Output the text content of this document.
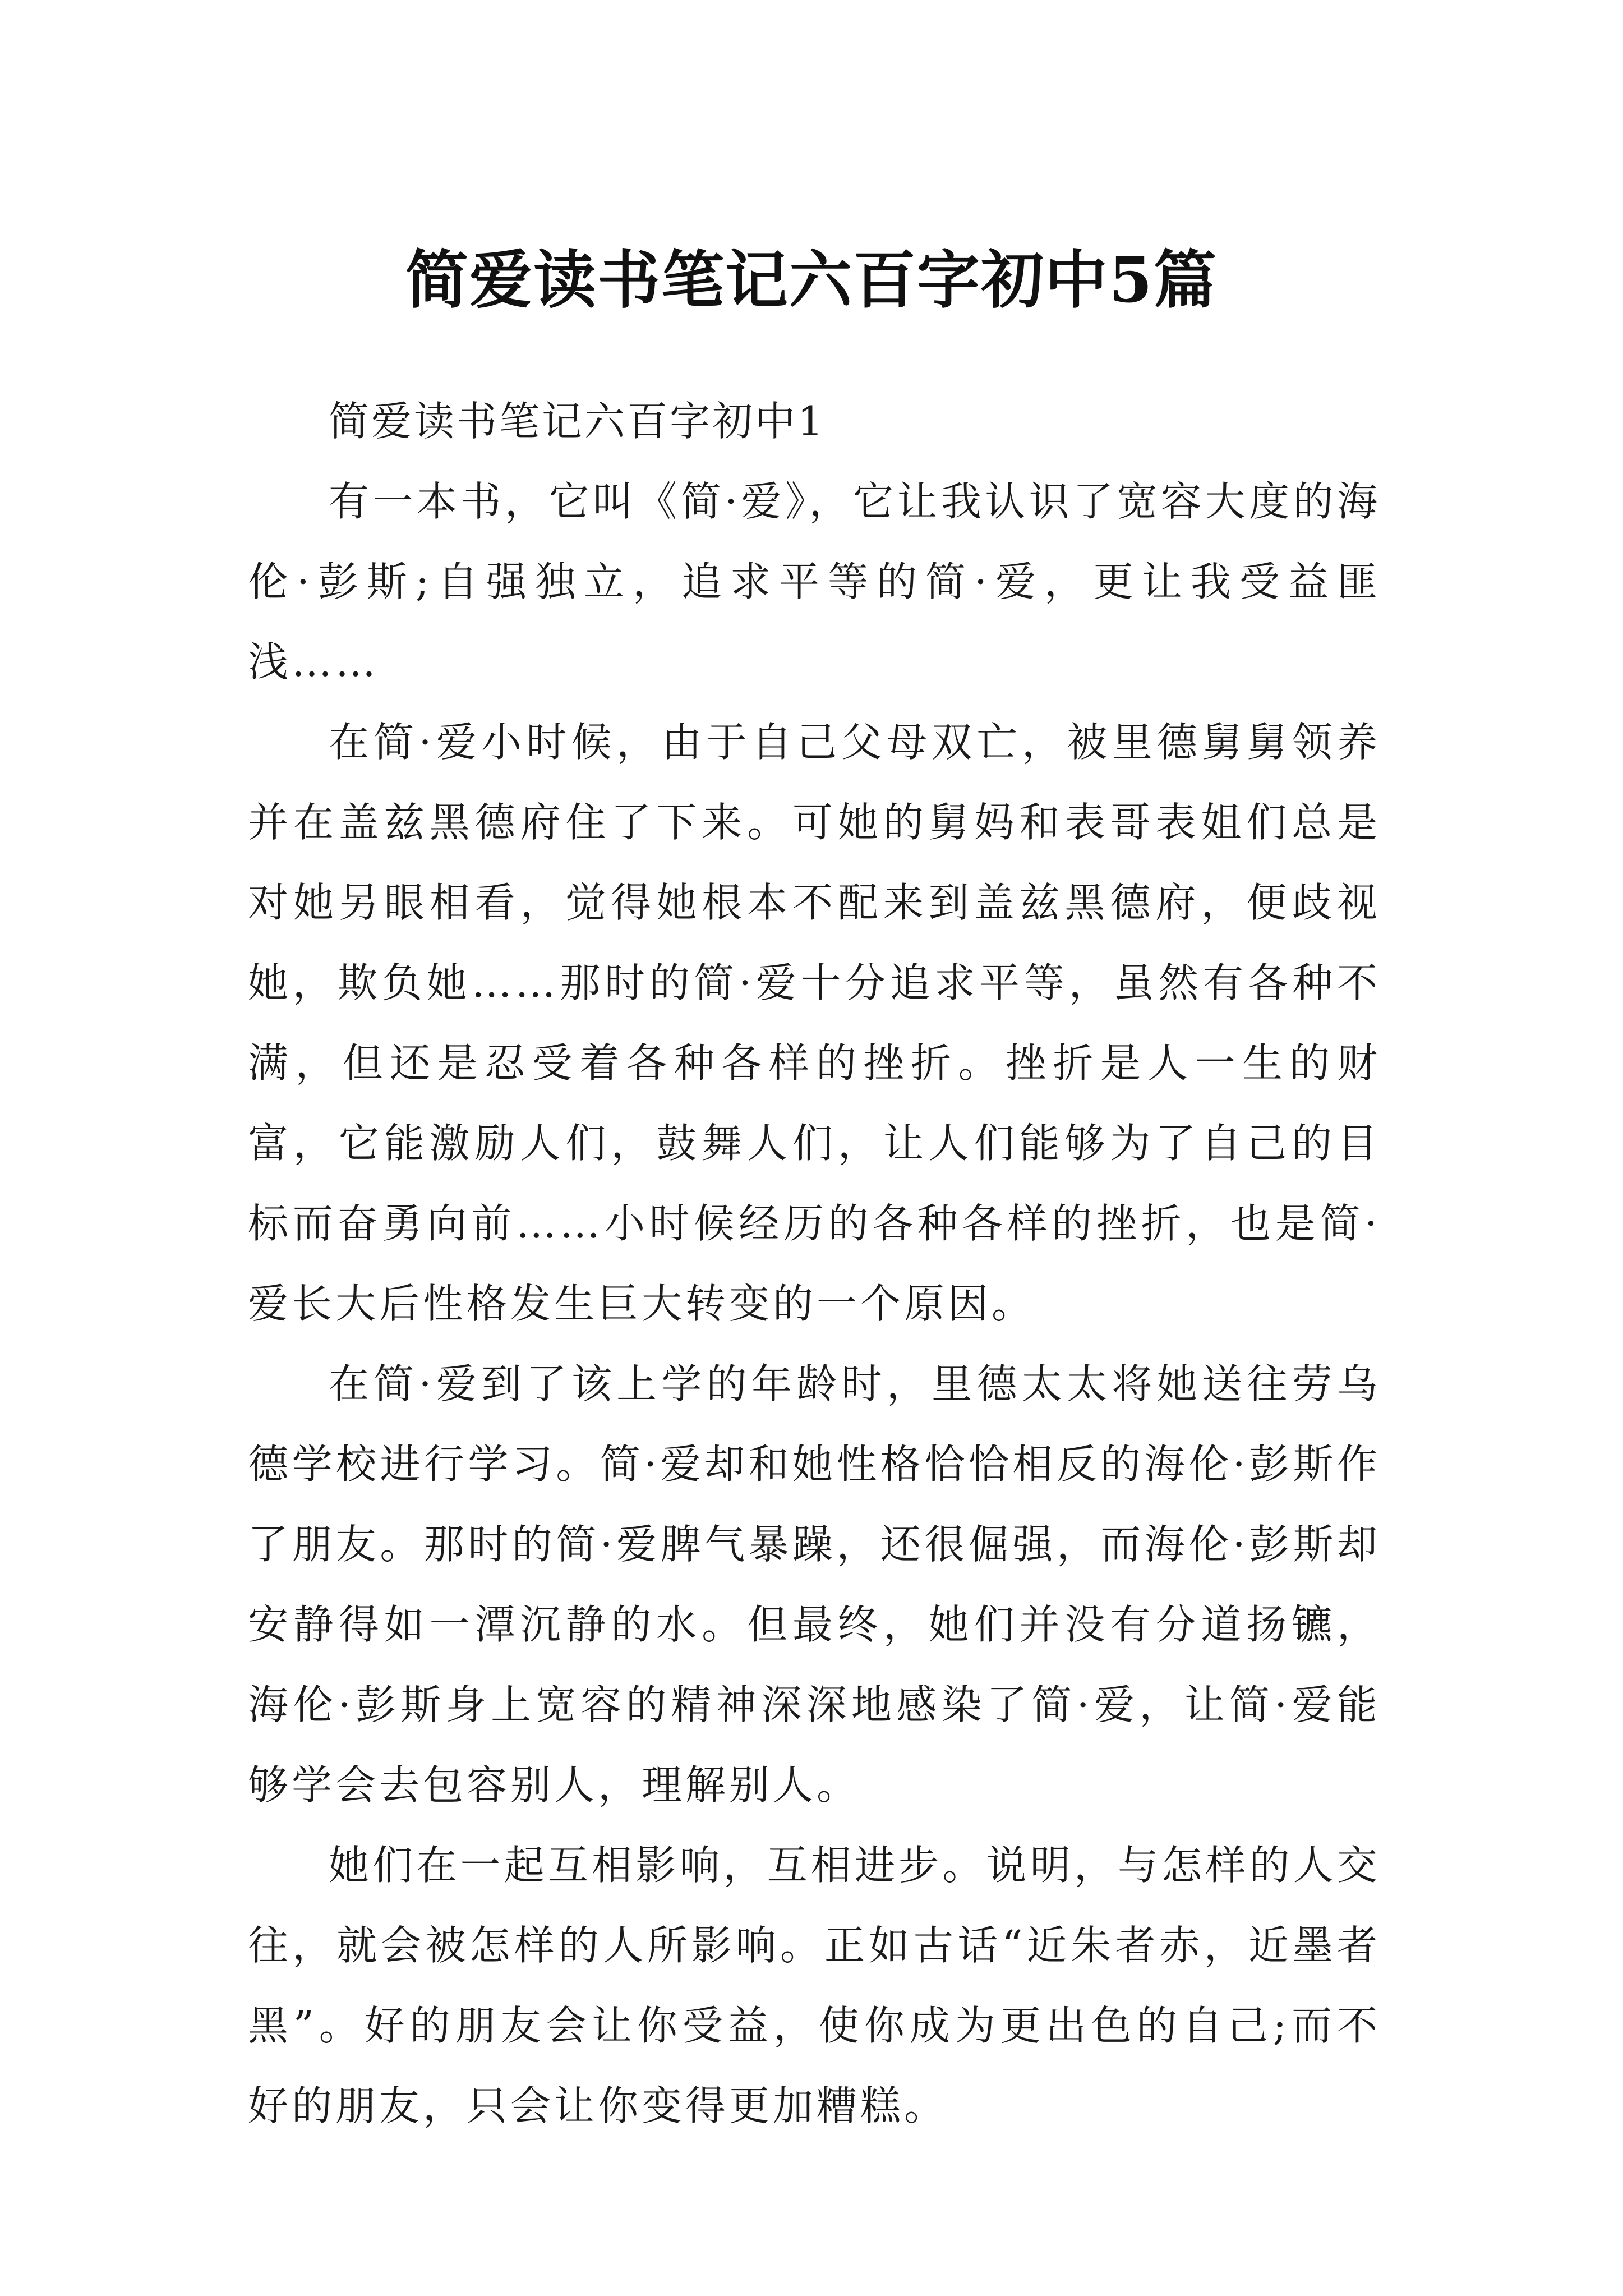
简爱读书笔记六百字初中5篇

简爱读书笔记六百字初中1

有一本书，它叫《简·爱》，它让我认识了宽容大度的海伦·彭斯;自强独立，追求平等的简·爱，更让我受益匪浅……

在简·爱小时候，由于自己父母双亡，被里德舅舅领养并在盖兹黑德府住了下来。可她的舅妈和表哥表姐们总是对她另眼相看，觉得她根本不配来到盖兹黑德府，便歧视她，欺负她……那时的简·爱十分追求平等，虽然有各种不满，但还是忍受着各种各样的挫折。挫折是人一生的财富，它能激励人们，鼓舞人们，让人们能够为了自己的目标而奋勇向前……小时候经历的各种各样的挫折，也是简·爱长大后性格发生巨大转变的一个原因。

在简·爱到了该上学的年龄时，里德太太将她送往劳乌德学校进行学习。简·爱却和她性格恰恰相反的海伦·彭斯作了朋友。那时的简·爱脾气暴躁，还很倔强，而海伦·彭斯却安静得如一潭沉静的水。但最终，她们并没有分道扬镳，海伦·彭斯身上宽容的精神深深地感染了简·爱，让简·爱能够学会去包容别人，理解别人。

她们在一起互相影响，互相进步。说明，与怎样的人交往，就会被怎样的人所影响。正如古话“近朱者赤，近墨者黑”。好的朋友会让你受益，使你成为更出色的自己;而不好的朋友，只会让你变得更加糟糕。
